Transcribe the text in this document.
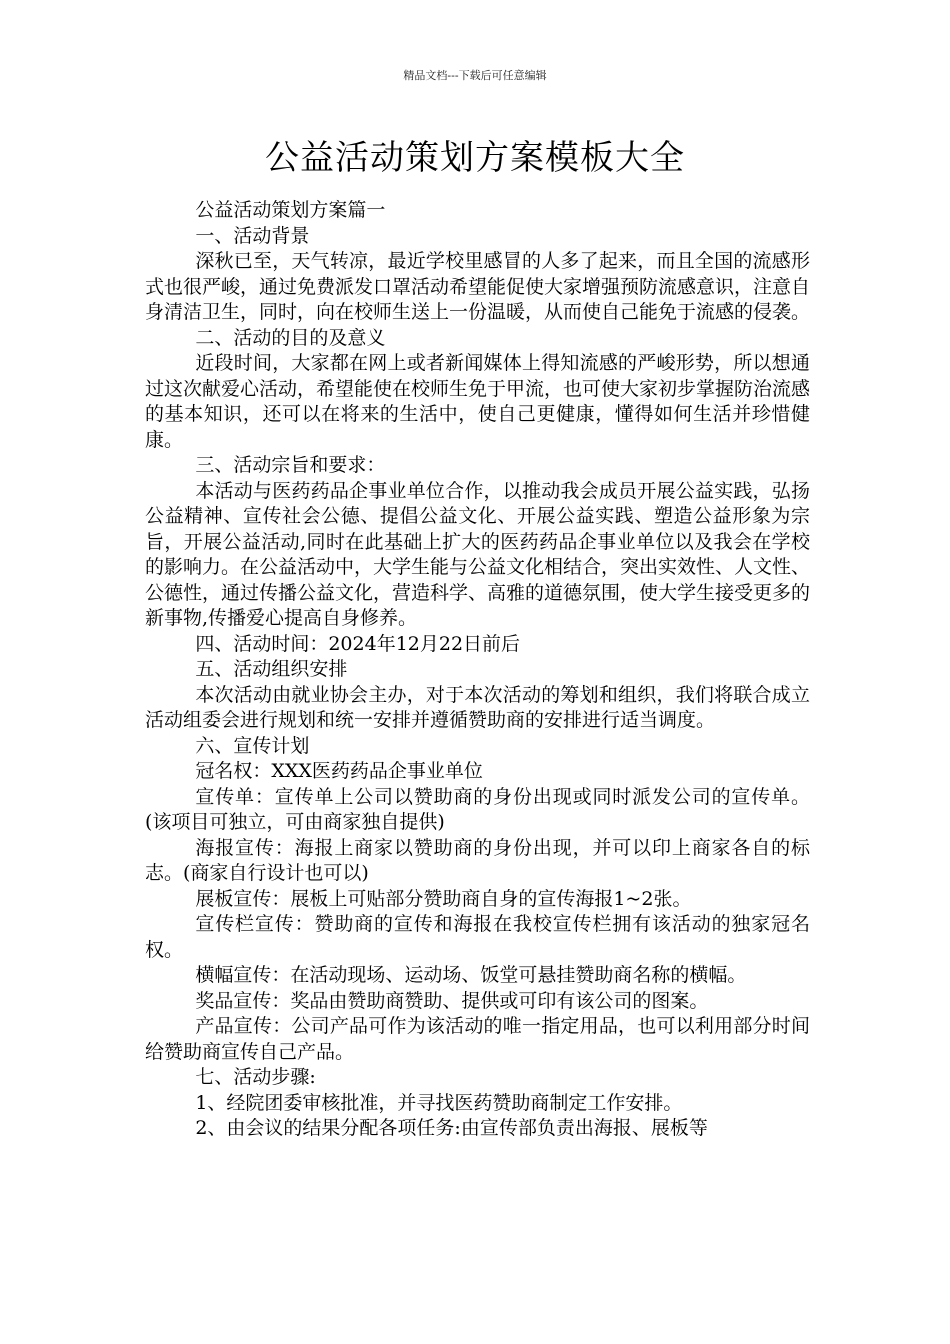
精品文档---下载后可任意编辑
公益活动策划方案模板大全

公益活动策划方案篇一

一、活动背景

深秋已至，天气转凉，最近学校里感冒的人多了起来，而且全国的流感形式也很严峻，通过免费派发口罩活动希望能促使大家增强预防流感意识，注意自身清洁卫生，同时，向在校师生送上一份温暖，从而使自己能免于流感的侵袭。

二、活动的目的及意义

近段时间，大家都在网上或者新闻媒体上得知流感的严峻形势，所以想通过这次献爱心活动，希望能使在校师生免于甲流，也可使大家初步掌握防治流感的基本知识，还可以在将来的生活中，使自己更健康，懂得如何生活并珍惜健康。

三、活动宗旨和要求：

本活动与医药药品企事业单位合作，以推动我会成员开展公益实践，弘扬公益精神、宣传社会公德、提倡公益文化、开展公益实践、塑造公益形象为宗旨，开展公益活动,同时在此基础上扩大的医药药品企事业单位以及我会在学校的影响力。在公益活动中，大学生能与公益文化相结合，突出实效性、人文性、公德性，通过传播公益文化，营造科学、高雅的道德氛围，使大学生接受更多的新事物,传播爱心提高自身修养。

四、活动时间：2024年12月22日前后

五、活动组织安排

本次活动由就业协会主办，对于本次活动的筹划和组织，我们将联合成立活动组委会进行规划和统一安排并遵循赞助商的安排进行适当调度。

六、宣传计划

冠名权：XXX医药药品企事业单位

宣传单：宣传单上公司以赞助商的身份出现或同时派发公司的宣传单。(该项目可独立，可由商家独自提供)

海报宣传：海报上商家以赞助商的身份出现，并可以印上商家各自的标志。(商家自行设计也可以)

展板宣传：展板上可贴部分赞助商自身的宣传海报1~2张。

宣传栏宣传：赞助商的宣传和海报在我校宣传栏拥有该活动的独家冠名权。

横幅宣传：在活动现场、运动场、饭堂可悬挂赞助商名称的横幅。

奖品宣传：奖品由赞助商赞助、提供或可印有该公司的图案。

产品宣传：公司产品可作为该活动的唯一指定用品，也可以利用部分时间给赞助商宣传自己产品。

七、活动步骤:

1、经院团委审核批准，并寻找医药赞助商制定工作安排。

2、由会议的结果分配各项任务:由宣传部负责出海报、展板等
